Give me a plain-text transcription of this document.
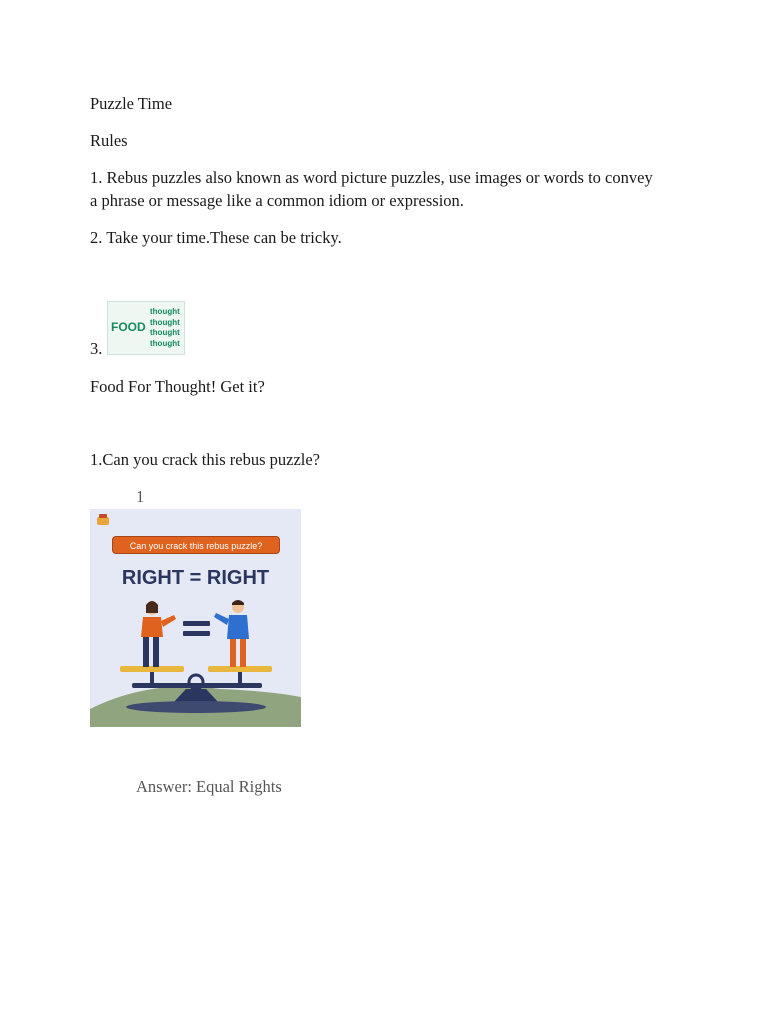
Puzzle Time

Rules

1. Rebus puzzles also known as word picture puzzles, use images or words to convey a phrase or message like a common idiom or expression.

2. Take your time.These can be tricky.

3.

FOOD
thought
thought
thought
thought

Food For Thought! Get it?

1.Can you crack this rebus puzzle?

1

Can you crack this rebus puzzle?
RIGHT = RIGHT

Answer: Equal Rights
